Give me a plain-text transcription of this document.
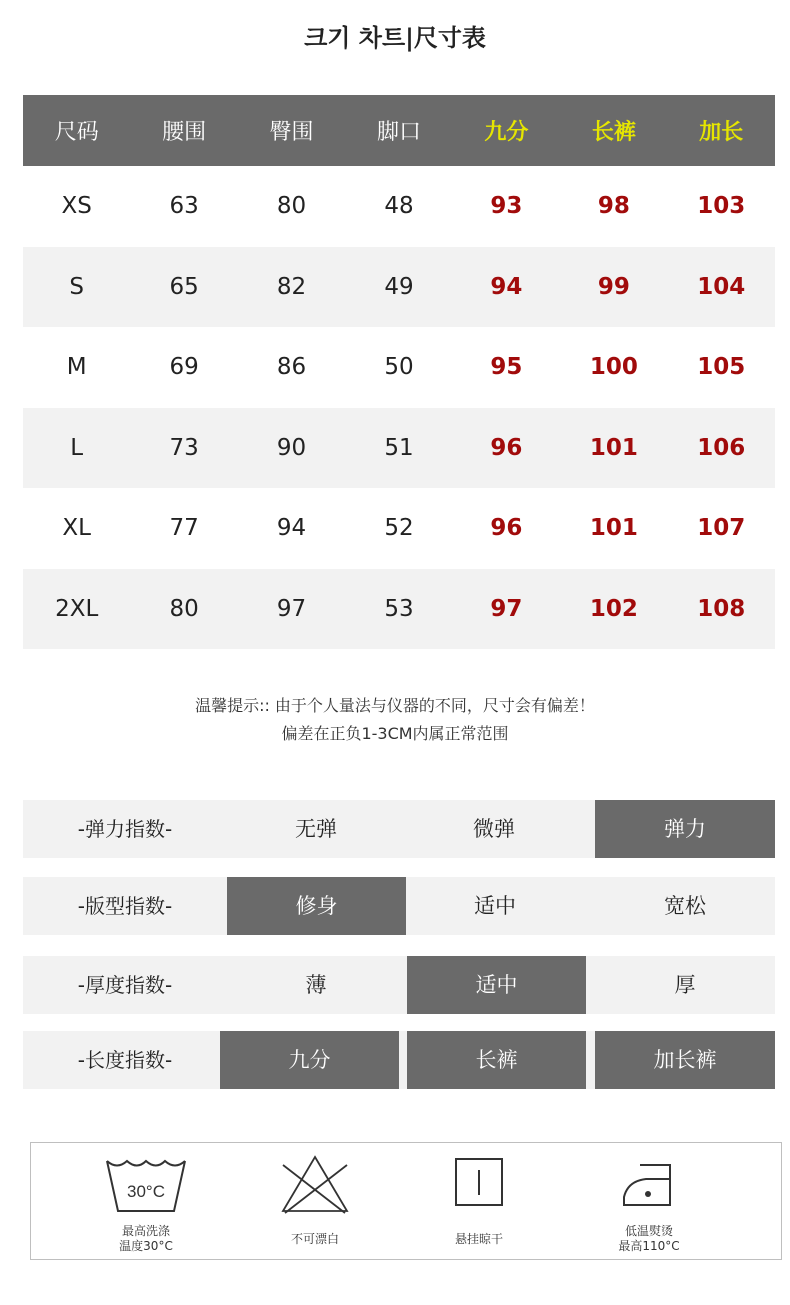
크기 차트|尺寸表
尺码	腰围	臀围	脚口	九分	长裤	加长
XS	63	80	48	93	98	103
S	65	82	49	94	99	104
M	69	86	50	95	100	105
L	73	90	51	96	101	106
XL	77	94	52	96	101	107
2XL	80	97	53	97	102	108
温馨提示:: 由于个人量法与仪器的不同，尺寸会有偏差！
偏差在正负1-3CM内属正常范围
-弹力指数-	无弹	微弹	弹力
-版型指数-	修身	适中	宽松
-厚度指数-	薄	适中	厚
-长度指数-	九分	长裤	加长裤
30°C
最高洗涤
温度30°C	不可漂白	悬挂晾干
低温熨烫
最高110°C
